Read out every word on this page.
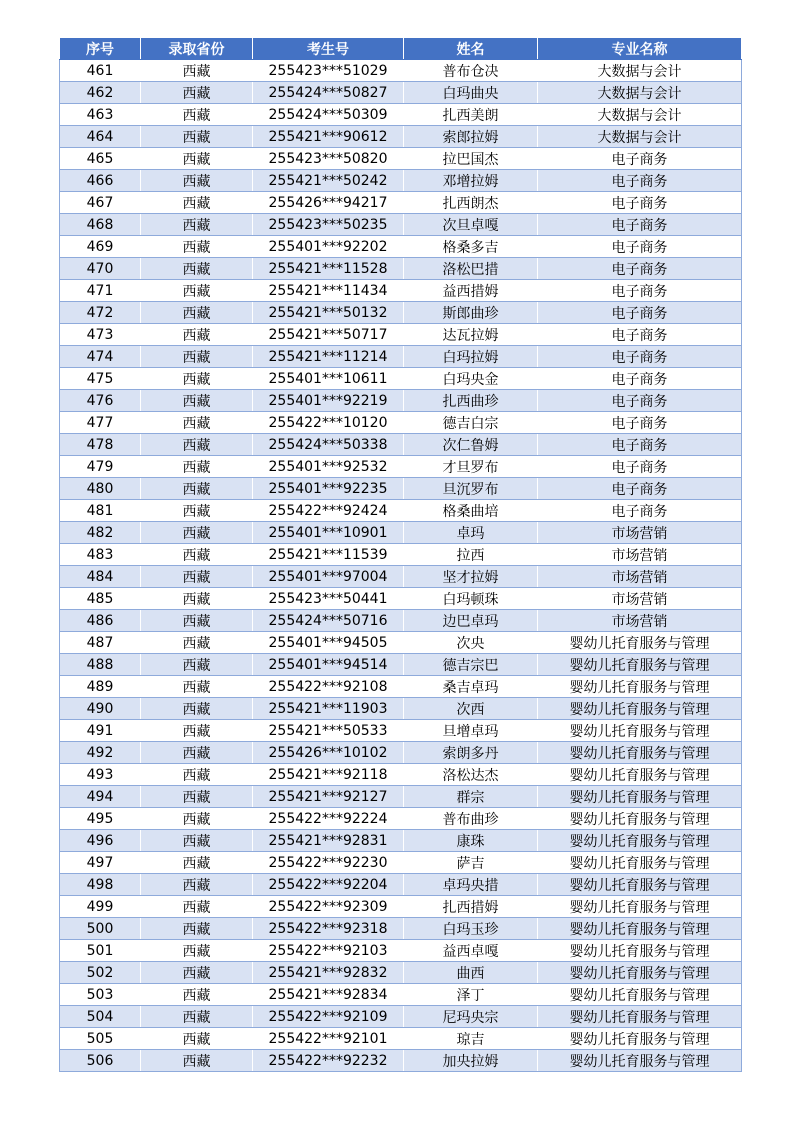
序号	录取省份	考生号	姓名	专业名称
461	西藏	255423***51029	普布仓决	大数据与会计
462	西藏	255424***50827	白玛曲央	大数据与会计
463	西藏	255424***50309	扎西美朗	大数据与会计
464	西藏	255421***90612	索郎拉姆	大数据与会计
465	西藏	255423***50820	拉巴国杰	电子商务
466	西藏	255421***50242	邓增拉姆	电子商务
467	西藏	255426***94217	扎西朗杰	电子商务
468	西藏	255423***50235	次旦卓嘎	电子商务
469	西藏	255401***92202	格桑多吉	电子商务
470	西藏	255421***11528	洛松巴措	电子商务
471	西藏	255421***11434	益西措姆	电子商务
472	西藏	255421***50132	斯郎曲珍	电子商务
473	西藏	255421***50717	达瓦拉姆	电子商务
474	西藏	255421***11214	白玛拉姆	电子商务
475	西藏	255401***10611	白玛央金	电子商务
476	西藏	255401***92219	扎西曲珍	电子商务
477	西藏	255422***10120	德吉白宗	电子商务
478	西藏	255424***50338	次仁鲁姆	电子商务
479	西藏	255401***92532	才旦罗布	电子商务
480	西藏	255401***92235	旦沉罗布	电子商务
481	西藏	255422***92424	格桑曲培	电子商务
482	西藏	255401***10901	卓玛	市场营销
483	西藏	255421***11539	拉西	市场营销
484	西藏	255401***97004	坚才拉姆	市场营销
485	西藏	255423***50441	白玛顿珠	市场营销
486	西藏	255424***50716	边巴卓玛	市场营销
487	西藏	255401***94505	次央	婴幼儿托育服务与管理
488	西藏	255401***94514	德吉宗巴	婴幼儿托育服务与管理
489	西藏	255422***92108	桑吉卓玛	婴幼儿托育服务与管理
490	西藏	255421***11903	次西	婴幼儿托育服务与管理
491	西藏	255421***50533	旦增卓玛	婴幼儿托育服务与管理
492	西藏	255426***10102	索朗多丹	婴幼儿托育服务与管理
493	西藏	255421***92118	洛松达杰	婴幼儿托育服务与管理
494	西藏	255421***92127	群宗	婴幼儿托育服务与管理
495	西藏	255422***92224	普布曲珍	婴幼儿托育服务与管理
496	西藏	255421***92831	康珠	婴幼儿托育服务与管理
497	西藏	255422***92230	萨吉	婴幼儿托育服务与管理
498	西藏	255422***92204	卓玛央措	婴幼儿托育服务与管理
499	西藏	255422***92309	扎西措姆	婴幼儿托育服务与管理
500	西藏	255422***92318	白玛玉珍	婴幼儿托育服务与管理
501	西藏	255422***92103	益西卓嘎	婴幼儿托育服务与管理
502	西藏	255421***92832	曲西	婴幼儿托育服务与管理
503	西藏	255421***92834	泽丁	婴幼儿托育服务与管理
504	西藏	255422***92109	尼玛央宗	婴幼儿托育服务与管理
505	西藏	255422***92101	琼吉	婴幼儿托育服务与管理
506	西藏	255422***92232	加央拉姆	婴幼儿托育服务与管理
